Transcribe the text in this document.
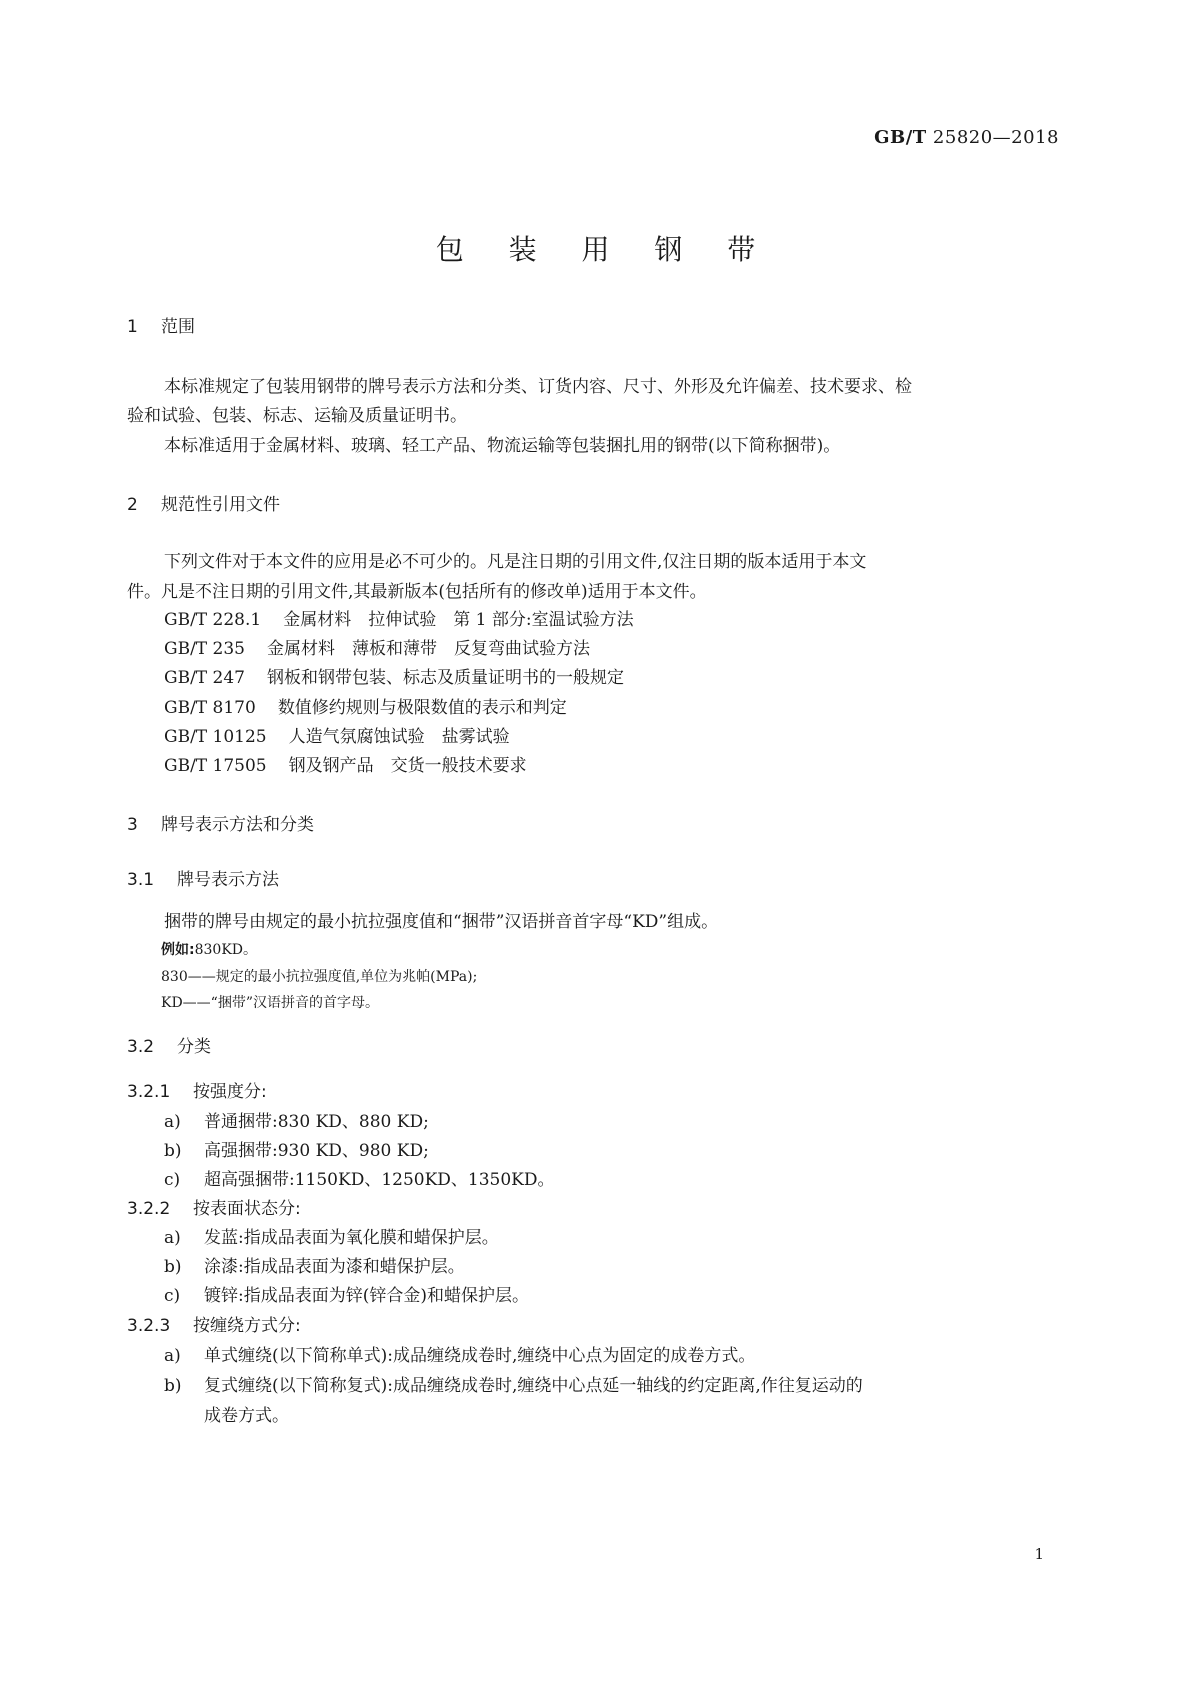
GB/T 25820—2018
包 装 用 钢 带
1 范围
本标准规定了包装用钢带的牌号表示方法和分类、订货内容、尺寸、外形及允许偏差、技术要求、检
验和试验、包装、标志、运输及质量证明书。
本标准适用于金属材料、玻璃、轻工产品、物流运输等包装捆扎用的钢带(以下简称捆带)。
2 规范性引用文件
下列文件对于本文件的应用是必不可少的。凡是注日期的引用文件,仅注日期的版本适用于本文
件。凡是不注日期的引用文件,其最新版本(包括所有的修改单)适用于本文件。
GB/T 228.1 金属材料　拉伸试验　第 1 部分:室温试验方法
GB/T 235 金属材料　薄板和薄带　反复弯曲试验方法
GB/T 247 钢板和钢带包装、标志及质量证明书的一般规定
GB/T 8170 数值修约规则与极限数值的表示和判定
GB/T 10125 人造气氛腐蚀试验　盐雾试验
GB/T 17505 钢及钢产品　交货一般技术要求
3 牌号表示方法和分类
3.1 牌号表示方法
捆带的牌号由规定的最小抗拉强度值和“捆带”汉语拼音首字母“KD”组成。
例如:830KD。
830——规定的最小抗拉强度值,单位为兆帕(MPa);
KD——“捆带”汉语拼音的首字母。
3.2 分类
3.2.1 按强度分:
a) 普通捆带:830 KD、880 KD;
b) 高强捆带:930 KD、980 KD;
c) 超高强捆带:1150KD、1250KD、1350KD。
3.2.2 按表面状态分:
a) 发蓝:指成品表面为氧化膜和蜡保护层。
b) 涂漆:指成品表面为漆和蜡保护层。
c) 镀锌:指成品表面为锌(锌合金)和蜡保护层。
3.2.3 按缠绕方式分:
a) 单式缠绕(以下简称单式):成品缠绕成卷时,缠绕中心点为固定的成卷方式。
b) 复式缠绕(以下简称复式):成品缠绕成卷时,缠绕中心点延一轴线的约定距离,作往复运动的
成卷方式。
1
